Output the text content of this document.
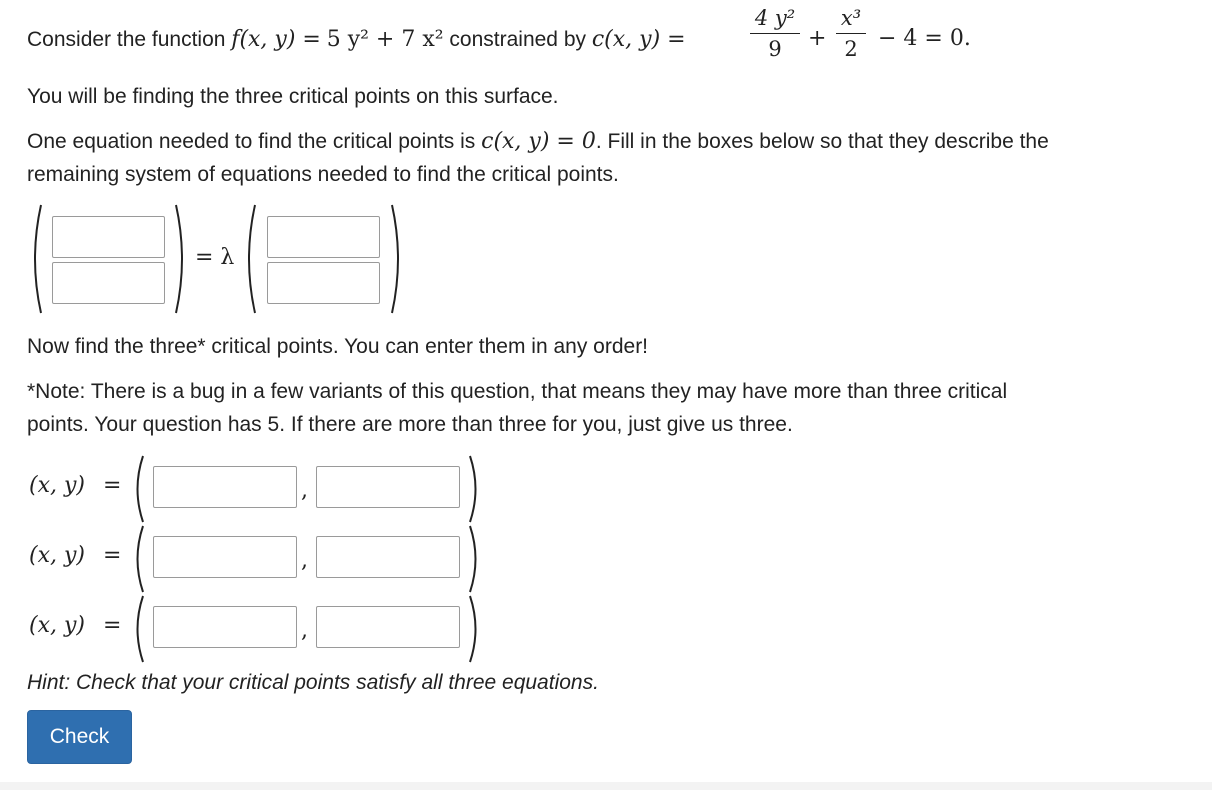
Consider the function f(x, y) = 5 y² + 7 x² constrained by c(x, y) =
4 y²
9	+
x³
2 − 4 = 0.
You will be finding the three critical points on this surface.
One equation needed to find the critical points is c(x, y) = 0. Fill in the boxes below so that they describe the
remaining system of equations needed to find the critical points.
= λ
Now find the three* critical points. You can enter them in any order!
*Note: There is a bug in a few variants of this question, that means they may have more than three critical
points. Your question has 5. If there are more than three for you, just give us three.
(x, y) =	,
(x, y) =	,
(x, y) =	,
Hint: Check that your critical points satisfy all three equations.
Check
